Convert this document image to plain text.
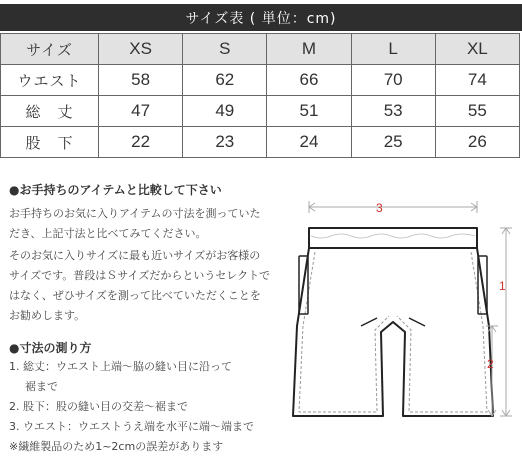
サイズ表 ( 単位：cm)
サイズ	XS	S	M	L	XL
ウエスト	58	62	66	70	74
総　丈	47	49	51	53	55
股　下	22	23	24	25	26
●お手持ちのアイテムと比較して下さい

お手持ちのお気に入りアイテムの寸法を測っていただき、上記寸法と比べてみてください。

そのお気に入りサイズに最も近いサイズがお客様のサイズです。普段はＳサイズだからというセレクトではなく、ぜひサイズを測って比べていただくことをお勧めします。

●寸法の測り方
1. 総丈：ウエスト上端〜脇の縫い目に沿って
裾まで
2. 股下：股の縫い目の交差〜裾まで
3. ウエスト：ウエストうえ端を水平に端〜端まで
※繊維製品のため1~2cmの誤差があります
3
1
2
